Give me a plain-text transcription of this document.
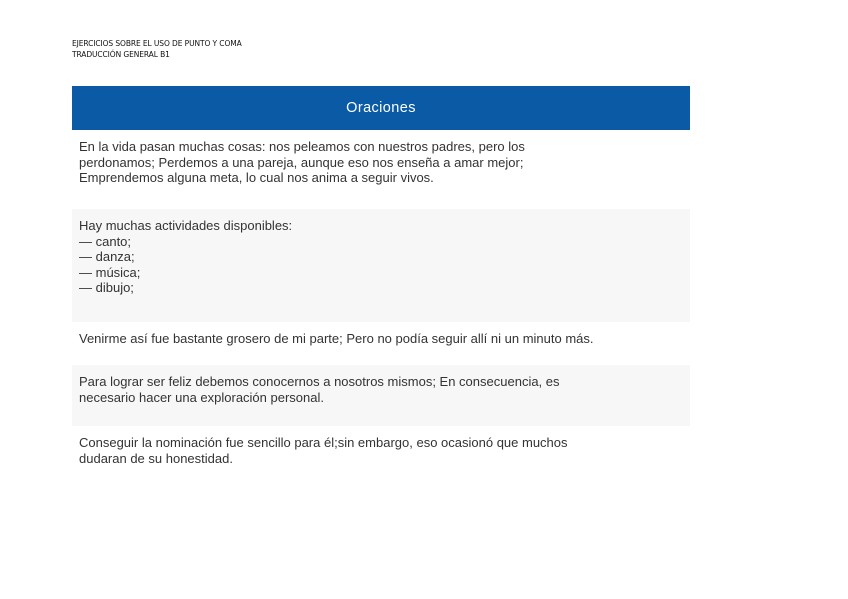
EJERCICIOS SOBRE EL USO DE PUNTO Y COMA
TRADUCCIÓN GENERAL B1
Oraciones

En la vida pasan muchas cosas: nos peleamos con nuestros padres, pero los
perdonamos; Perdemos a una pareja, aunque eso nos enseña a amar mejor;
Emprendemos alguna meta, lo cual nos anima a seguir vivos.

Hay muchas actividades disponibles:
— canto;
— danza;
— música;
— dibujo;

Venirme así fue bastante grosero de mi parte; Pero no podía seguir allí ni un minuto más.

Para lograr ser feliz debemos conocernos a nosotros mismos; En consecuencia, es
necesario hacer una exploración personal.

Conseguir la nominación fue sencillo para él;sin embargo, eso ocasionó que muchos
dudaran de su honestidad.
